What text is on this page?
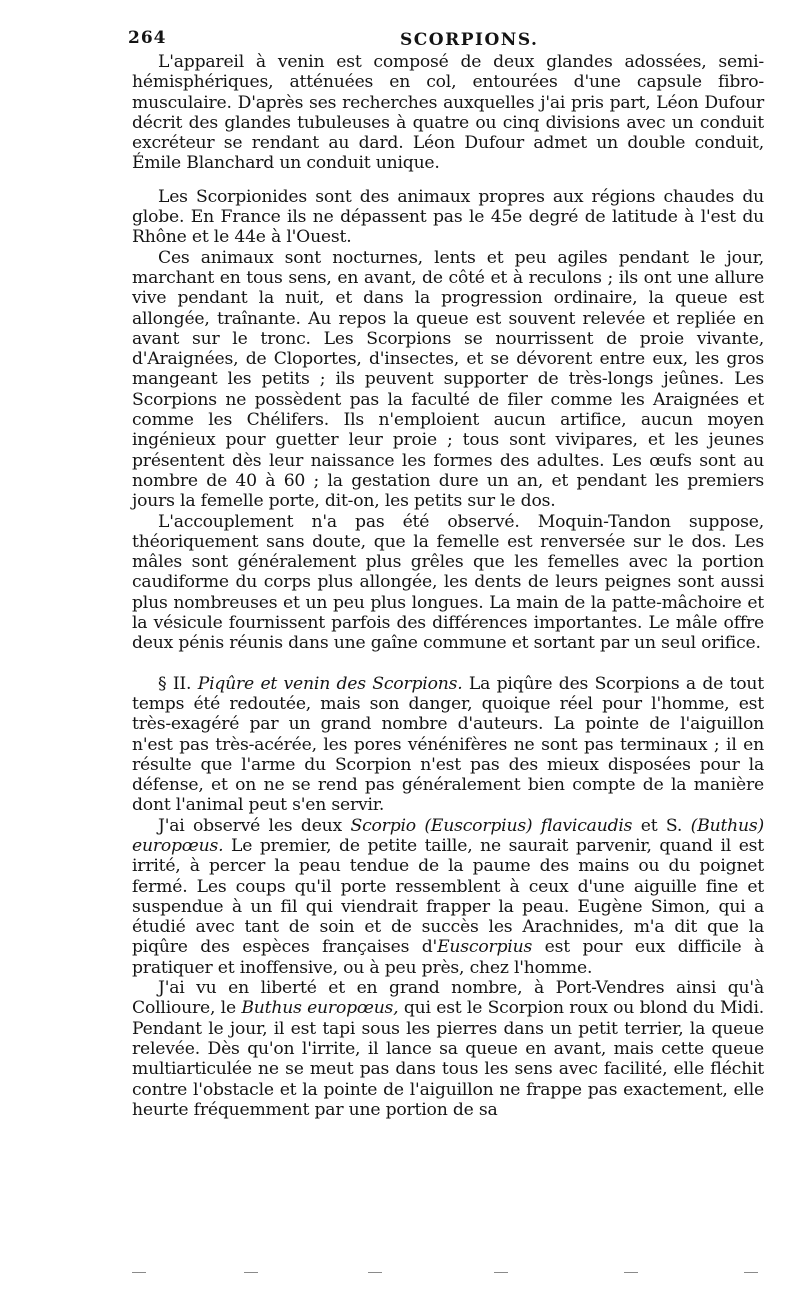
264	SCORPIONS.

L'appareil à venin est composé de deux glandes adossées, semi-hémisphériques, atténuées en col, entourées d'une capsule fibro-musculaire. D'après ses recherches auxquelles j'ai pris part, Léon Dufour décrit des glandes tubuleuses à quatre ou cinq divisions avec un conduit excréteur se rendant au dard. Léon Dufour admet un double conduit, Émile Blanchard un conduit unique.

Les Scorpionides sont des animaux propres aux régions chaudes du globe. En France ils ne dépassent pas le 45e degré de latitude à l'est du Rhône et le 44e à l'Ouest.

Ces animaux sont nocturnes, lents et peu agiles pendant le jour, marchant en tous sens, en avant, de côté et à reculons ; ils ont une allure vive pendant la nuit, et dans la progression ordinaire, la queue est allongée, traînante. Au repos la queue est souvent relevée et repliée en avant sur le tronc. Les Scorpions se nourrissent de proie vivante, d'Araignées, de Cloportes, d'insectes, et se dévorent entre eux, les gros mangeant les petits ; ils peuvent supporter de très-longs jeûnes. Les Scorpions ne possèdent pas la faculté de filer comme les Araignées et comme les Chélifers. Ils n'emploient aucun artifice, aucun moyen ingénieux pour guetter leur proie ; tous sont vivipares, et les jeunes présentent dès leur naissance les formes des adultes. Les œufs sont au nombre de 40 à 60 ; la gestation dure un an, et pendant les premiers jours la femelle porte, dit-on, les petits sur le dos.

L'accouplement n'a pas été observé. Moquin-Tandon suppose, théoriquement sans doute, que la femelle est renversée sur le dos. Les mâles sont généralement plus grêles que les femelles avec la portion caudiforme du corps plus allongée, les dents de leurs peignes sont aussi plus nombreuses et un peu plus longues. La main de la patte-mâchoire et la vésicule fournissent parfois des différences importantes. Le mâle offre deux pénis réunis dans une gaîne commune et sortant par un seul orifice.

§ II. Piqûre et venin des Scorpions. La piqûre des Scorpions a de tout temps été redoutée, mais son danger, quoique réel pour l'homme, est très-exagéré par un grand nombre d'auteurs. La pointe de l'aiguillon n'est pas très-acérée, les pores vénénifères ne sont pas terminaux ; il en résulte que l'arme du Scorpion n'est pas des mieux disposées pour la défense, et on ne se rend pas généralement bien compte de la manière dont l'animal peut s'en servir.

J'ai observé les deux Scorpio (Euscorpius) flavicaudis et S. (Buthus) europœus. Le premier, de petite taille, ne saurait parvenir, quand il est irrité, à percer la peau tendue de la paume des mains ou du poignet fermé. Les coups qu'il porte ressemblent à ceux d'une aiguille fine et suspendue à un fil qui viendrait frapper la peau. Eugène Simon, qui a étudié avec tant de soin et de succès les Arachnides, m'a dit que la piqûre des espèces françaises d'Euscorpius est pour eux difficile à pratiquer et inoffensive, ou à peu près, chez l'homme.

J'ai vu en liberté et en grand nombre, à Port-Vendres ainsi qu'à Collioure, le Buthus europœus, qui est le Scorpion roux ou blond du Midi. Pendant le jour, il est tapi sous les pierres dans un petit terrier, la queue relevée. Dès qu'on l'irrite, il lance sa queue en avant, mais cette queue multiarticulée ne se meut pas dans tous les sens avec facilité, elle fléchit contre l'obstacle et la pointe de l'aiguillon ne frappe pas exactement, elle heurte fréquemment par une portion de sa
